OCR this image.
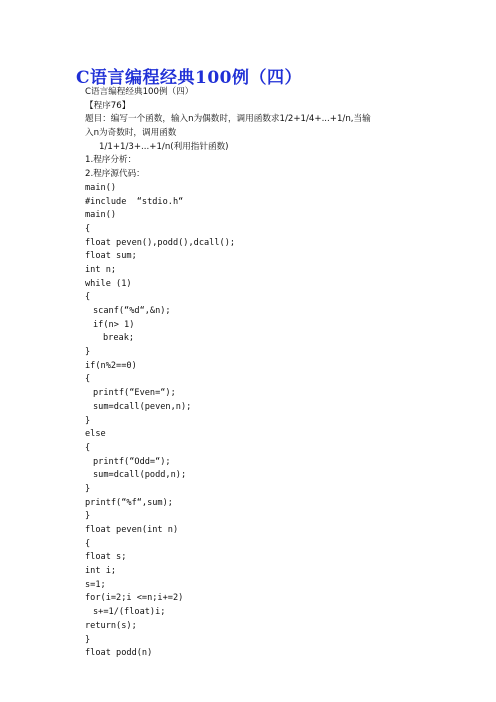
C语言编程经典100例（四）
C语言编程经典100例（四）
【程序76】
题目：编写一个函数，输入n为偶数时，调用函数求1/2+1/4+...+1/n,当输
入n为奇数时，调用函数
1/1+1/3+...+1/n(利用指针函数)
1.程序分析：
2.程序源代码：
main()
#include  “stdio.h“
main()
{
float peven(),podd(),dcall();
float sum;
int n;
while (1)
{
scanf(“%d“,&n);
if(n> 1)
break;
}
if(n%2==0)
{
printf(“Even=“);
sum=dcall(peven,n);
}
else
{
printf(“Odd=“);
sum=dcall(podd,n);
}
printf(“%f“,sum);
}
float peven(int n)
{
float s;
int i;
s=1;
for(i=2;i <=n;i+=2)
s+=1/(float)i;
return(s);
}
float podd(n)
